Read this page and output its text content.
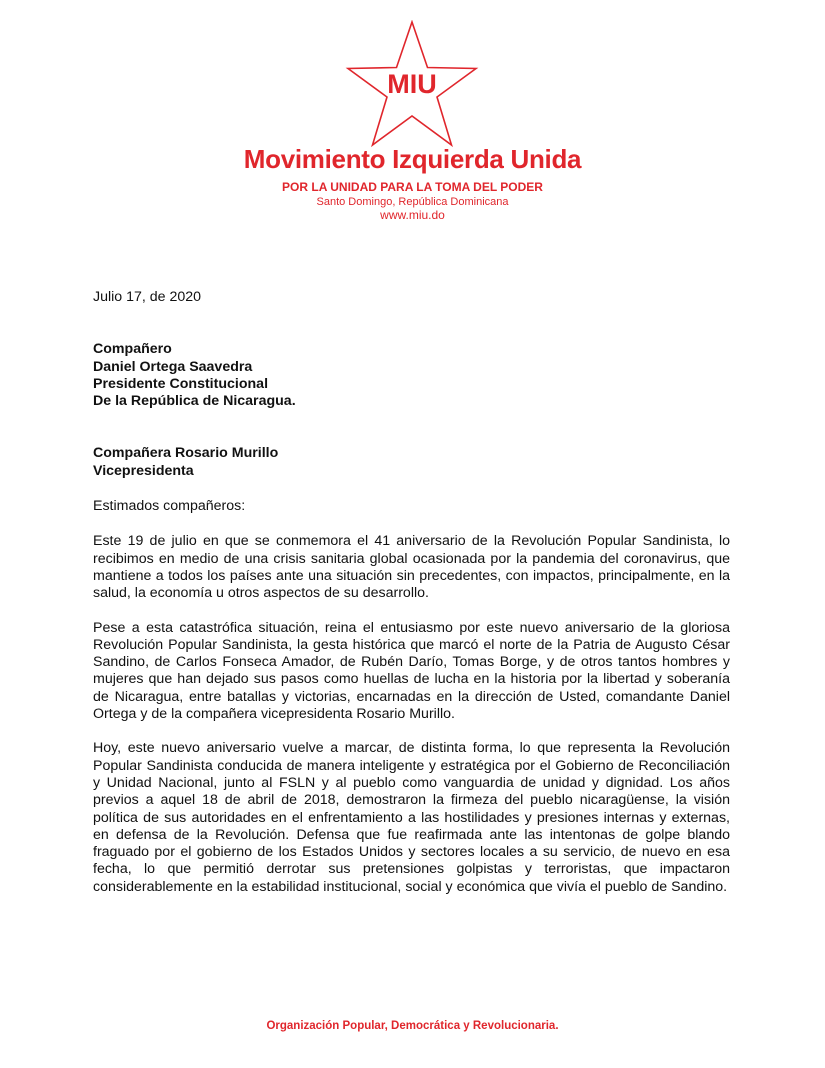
MIU
Movimiento Izquierda Unida
POR LA UNIDAD PARA LA TOMA DEL PODER
Santo Domingo, República Dominicana
www.miu.do

Julio 17, de 2020

Compañero
Daniel Ortega Saavedra
Presidente Constitucional
De la República de Nicaragua.
Compañera Rosario Murillo
Vicepresidenta

Estimados compañeros:

Este 19 de julio en que se conmemora el 41 aniversario de la Revolución Popular Sandinista, lo recibimos en medio de una crisis sanitaria global ocasionada por la pandemia del coronavirus, que mantiene a todos los países ante una situación sin precedentes, con impactos, principalmente, en la salud, la economía u otros aspectos de su desarrollo.

Pese a esta catastrófica situación, reina el entusiasmo por este nuevo aniversario de la gloriosa Revolución Popular Sandinista, la gesta histórica que marcó el norte de la Patria de Augusto César Sandino, de Carlos Fonseca Amador, de Rubén Darío, Tomas Borge, y de otros tantos hombres y mujeres que han dejado sus pasos como huellas de lucha en la historia por la libertad y soberanía de Nicaragua, entre batallas y victorias, encarnadas en la dirección de Usted, comandante Daniel Ortega y de la compañera vicepresidenta Rosario Murillo.

Hoy, este nuevo aniversario vuelve a marcar, de distinta forma, lo que representa la Revolución Popular Sandinista conducida de manera inteligente y estratégica por el Gobierno de Reconciliación y Unidad Nacional, junto al FSLN y al pueblo como vanguardia de unidad y dignidad. Los años previos a aquel 18 de abril de 2018, demostraron la firmeza del pueblo nicaragüense, la visión política de sus autoridades en el enfrentamiento a las hostilidades y presiones internas y externas, en defensa de la Revolución. Defensa que fue reafirmada ante las intentonas de golpe blando fraguado por el gobierno de los Estados Unidos y sectores locales a su servicio, de nuevo en esa fecha, lo que permitió derrotar sus pretensiones golpistas y terroristas, que impactaron considerablemente en la estabilidad institucional, social y económica que vivía el pueblo de Sandino.

Organización Popular, Democrática y Revolucionaria.
